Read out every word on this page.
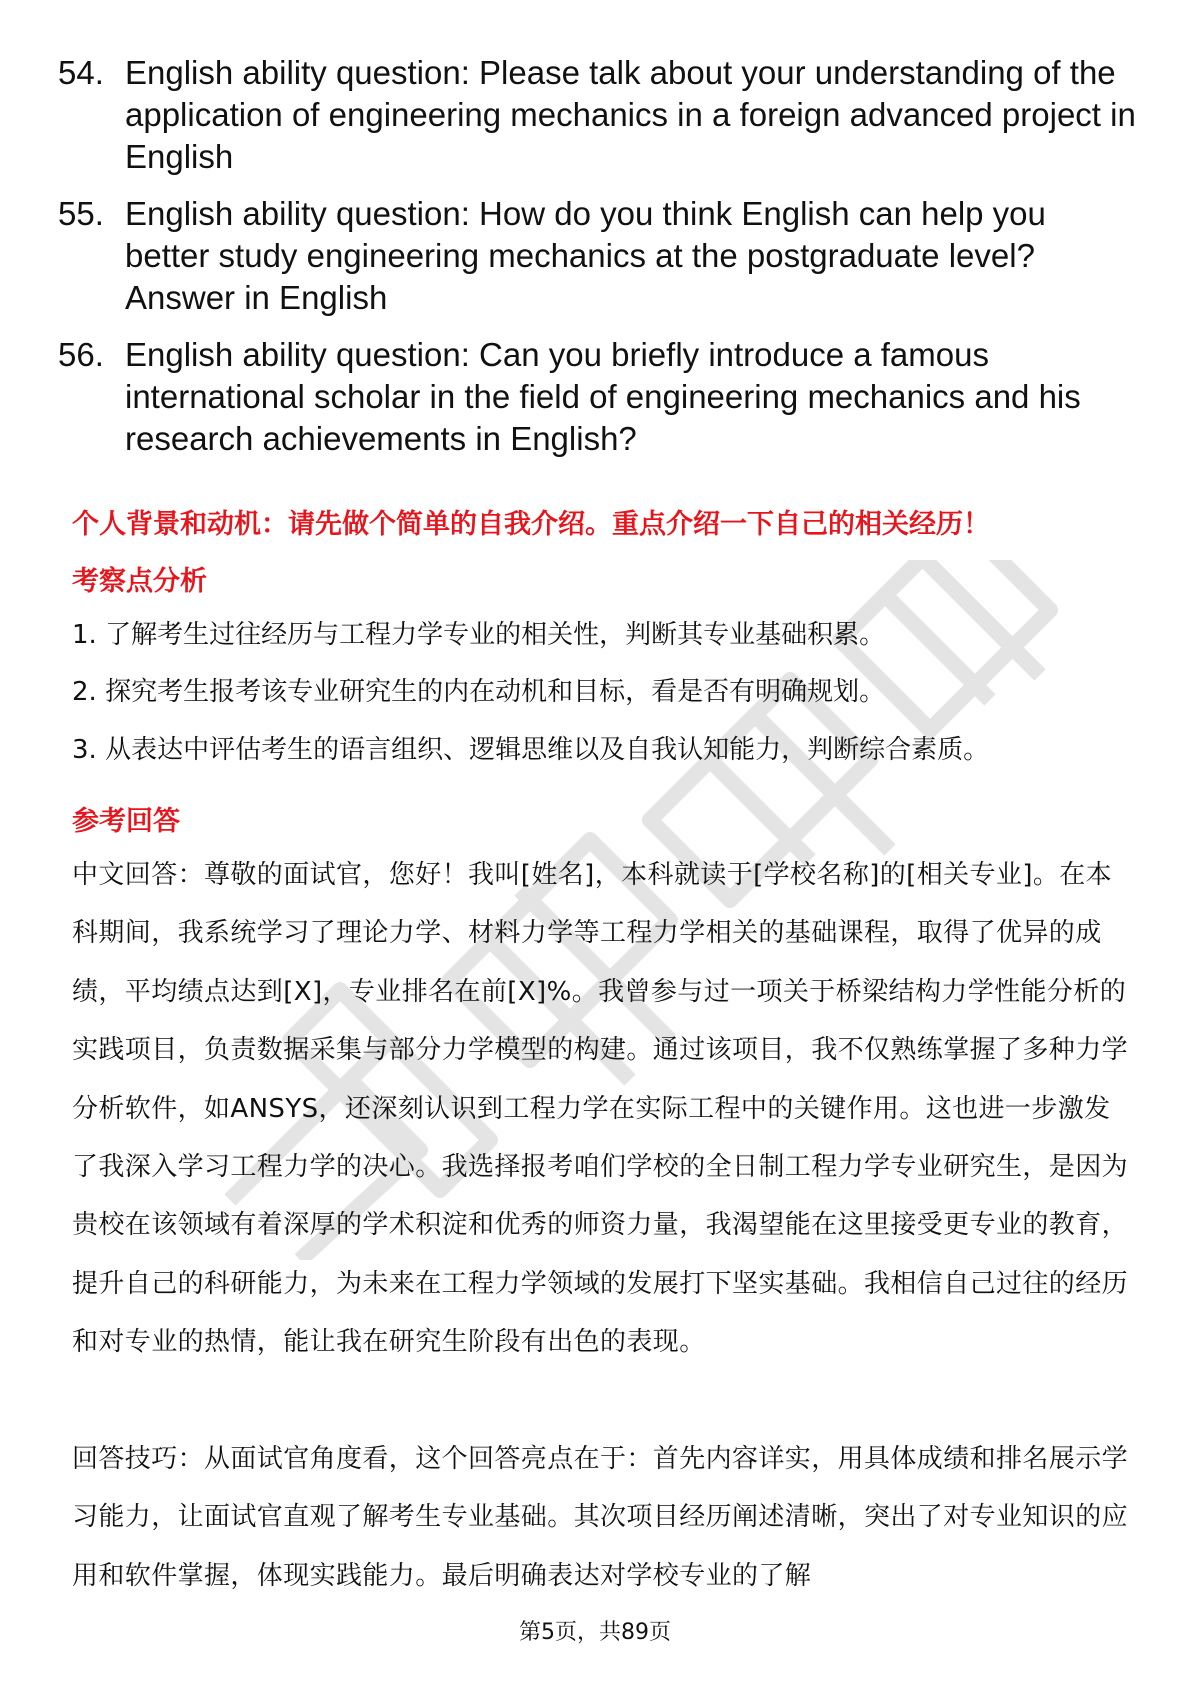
54. English ability question: Please talk about your understanding of the application of engineering mechanics in a foreign advanced project in English
55. English ability question: How do you think English can help you better study engineering mechanics at the postgraduate level? Answer in English
56. English ability question: Can you briefly introduce a famous international scholar in the field of engineering mechanics and his research achievements in English?
个人背景和动机：请先做个简单的自我介绍。重点介绍一下自己的相关经历！
考察点分析
1. 了解考生过往经历与工程力学专业的相关性，判断其专业基础积累。
2. 探究考生报考该专业研究生的内在动机和目标，看是否有明确规划。
3. 从表达中评估考生的语言组织、逻辑思维以及自我认知能力，判断综合素质。
参考回答
中文回答：尊敬的面试官，您好！我叫[姓名]，本科就读于[学校名称]的[相关专业]。在本科期间，我系统学习了理论力学、材料力学等工程力学相关的基础课程，取得了优异的成绩，平均绩点达到[X]，专业排名在前[X]%。我曾参与过一项关于桥梁结构力学性能分析的实践项目，负责数据采集与部分力学模型的构建。通过该项目，我不仅熟练掌握了多种力学分析软件，如ANSYS，还深刻认识到工程力学在实际工程中的关键作用。这也进一步激发了我深入学习工程力学的决心。我选择报考咱们学校的全日制工程力学专业研究生，是因为贵校在该领域有着深厚的学术积淀和优秀的师资力量，我渴望能在这里接受更专业的教育，提升自己的科研能力，为未来在工程力学领域的发展打下坚实基础。我相信自己过往的经历和对专业的热情，能让我在研究生阶段有出色的表现。
回答技巧：从面试官角度看，这个回答亮点在于：首先内容详实，用具体成绩和排名展示学习能力，让面试官直观了解考生专业基础。其次项目经历阐述清晰，突出了对专业知识的应用和软件掌握，体现实践能力。最后明确表达对学校专业的了解
第5页，共89页
